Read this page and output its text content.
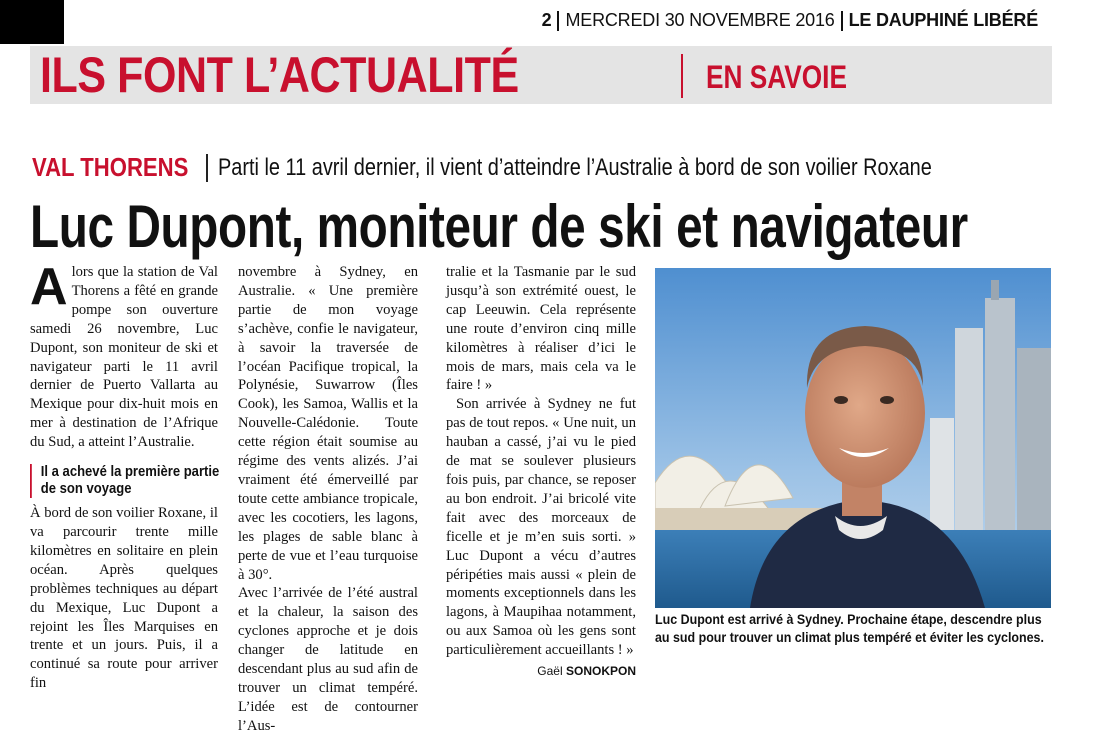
2 MERCREDI 30 NOVEMBRE 2016 LE DAUPHINÉ LIBÉRÉ
ILS FONT L’ACTUALITÉ	EN SAVOIE
VAL THORENS Parti le 11 avril dernier, il vient d’atteindre l’Australie à bord de son voilier Roxane
Luc Dupont, moniteur de ski et navigateur

Alors que la station de Val Thorens a fêté en grande pompe son ouverture samedi 26 novembre, Luc Dupont, son moniteur de ski et navigateur parti le 11 avril dernier de Puerto Vallarta au Mexique pour dix-huit mois en mer à destination de l’Afrique du Sud, a atteint l’Australie.

Il a achevé la première partie de son voyage

À bord de son voilier Roxane, il va parcourir trente mille kilomètres en solitaire en plein océan. Après quelques problèmes techniques au départ du Mexique, Luc Dupont a rejoint les Îles Marquises en trente et un jours. Puis, il a continué sa route pour arriver fin

novembre à Sydney, en Australie. « Une première partie de mon voyage s’achève, confie le navigateur, à savoir la traversée de l’océan Pacifique tropical, la Polynésie, Suwarrow (Îles Cook), les Samoa, Wallis et la Nouvelle-Calédonie. Toute cette région était soumise au régime des vents alizés. J’ai vraiment été émerveillé par toute cette ambiance tropicale, avec les cocotiers, les lagons, les plages de sable blanc à perte de vue et l’eau turquoise à 30°.

Avec l’arrivée de l’été austral et la chaleur, la saison des cyclones approche et je dois changer de latitude en descendant plus au sud afin de trouver un climat tempéré. L’idée est de contourner l’Aus-

tralie et la Tasmanie par le sud jusqu’à son extrémité ouest, le cap Leeuwin. Cela représente une route d’environ cinq mille kilomètres à réaliser d’ici le mois de mars, mais cela va le faire ! »

Son arrivée à Sydney ne fut pas de tout repos. « Une nuit, un hauban a cassé, j’ai vu le pied de mat se soulever plusieurs fois puis, par chance, se reposer au bon endroit. J’ai bricolé vite fait avec des morceaux de ficelle et je m’en suis sorti. » Luc Dupont a vécu d’autres péripéties mais aussi « plein de moments exceptionnels dans les lagons, à Maupihaa notamment, ou aux Samoa où les gens sont particulièrement accueillants ! »

Gaël SONOKPON
Luc Dupont est arrivé à Sydney. Prochaine étape, descendre plus au sud pour trouver un climat plus tempéré et éviter les cyclones.
